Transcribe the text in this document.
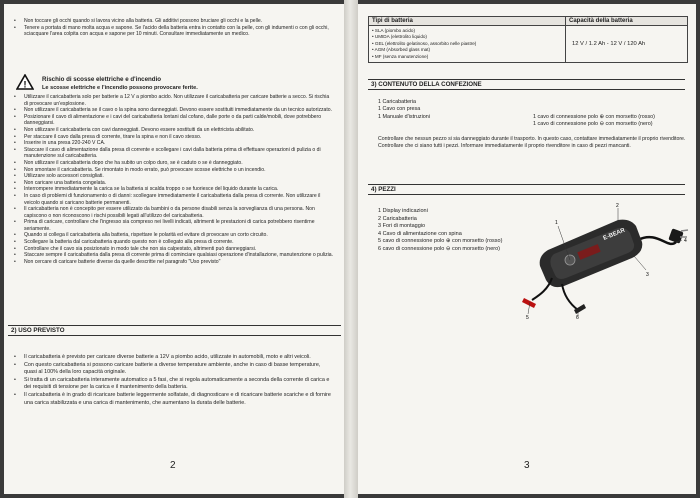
• Non toccare gli occhi quando si lavora vicino alla batteria. Gli additivi possono bruciare gli occhi e la pelle.

• Tenere a portata di mano molta acqua e sapone. Se l'acido della batteria entra in contatto con la pelle, con gli indumenti o con gli occhi, sciacquare l'area colpita con acqua e sapone per 10 minuti. Consultare immediatamente un medico.

!	Rischio di scosse elettriche e d'incendio
Le scosse elettriche e l'incendio possono provocare ferite.

• Utilizzare il caricabatteria solo per batterie a 12 V a piombo acido. Non utilizzare il caricabatteria per caricare batterie a secco. Si rischia di provocare un'esplosione.

• Non utilizzare il caricabatteria se il cavo o la spina sono danneggiati. Devono essere sostituiti immediatamente da un tecnico autorizzato.

• Posizionare il cavo di alimentazione e i cavi del caricabatteria lontani dal cofano, dalle porte o da parti calde/mobili, dove potrebbero danneggiarsi.

• Non utilizzare il caricabatteria con cavi danneggiati. Devono essere sostituiti da un elettricista abilitato.

• Per staccare il cavo dalla presa di corrente, tirare la spina e non il cavo stesso.

• Inserire in una presa 220-240 V CA.

• Staccare il cavo di alimentazione dalla presa di corrente e scollegare i cavi dalla batteria prima di effettuare operazioni di pulizia o di manutenzione sul caricabatteria.

• Non utilizzare il caricabatteria dopo che ha subito un colpo duro, se è caduto o se è danneggiato.

• Non smontare il caricabatteria. Se rimontato in modo errato, può provocare scosse elettriche o un incendio.

• Utilizzare solo accessori consigliati.

• Non caricare una batteria congelata.

• Interrompere immediatamente la carica se la batteria si scalda troppo o se fuoriesce del liquido durante la carica.

• In caso di problemi di funzionamento o di danni: scollegare immediatamente il caricabatteria dalla presa di corrente. Non utilizzare il veicolo quando si caricano batterie permanenti.

• Il caricabatteria non è concepito per essere utilizzato da bambini o da persone disabili senza la sorveglianza di una persona. Non capiscono o non riconoscono i rischi possibili legati all'utilizzo del caricabatteria.

• Prima di caricare, controllare che l'ingresso sia compreso nei livelli indicati, altrimenti le prestazioni di carica potrebbero risentirne seriamente.

• Quando si collega il caricabatteria alla batteria, rispettare le polarità ed evitare di provocare un corto circuito.

• Scollegare la batteria dal caricabatteria quando questo non è collegato alla presa di corrente.

• Controllare che il cavo sia posizionato in modo tale che non sia calpestato, altrimenti può danneggiarsi.

• Staccare sempre il caricabatteria dalla presa di corrente prima di cominciare qualsiasi operazione d'installazione, manutenzione o pulizia.

• Non cercare di caricare batterie diverse da quelle descritte nel paragrafo "Uso previsto"

2) USO PREVISTO

• Il caricabatteria è previsto per caricare diverse batterie a 12V a piombo acido, utilizzate in automobili, moto e altri veicoli.

• Con questo caricabatteria si possono caricare batterie a diverse temperature ambiente, anche in caso di basse temperature, quasi al 100% della loro capacità originale.

• Si tratta di un caricabatteria interamente automatico a 5 fasi, che si regola automaticamente a seconda della corrente di carica e dei requisiti di tensione per la carica e il mantenimento della batteria.

• Il caricabatteria è in grado di ricaricare batterie leggermente solfatate, di diagnosticare e di ricaricare batterie scariche e di fornire una carica stabilizzata e una carica di mantenimento, che aumentano la durata delle batterie.

2
Tipi di batteria	Capacità della batteria

• SLA (piombo acido)
• UMIDA (elettrolito liquido)
• GEL (elettrolito gelatinoso, assorbito nelle piastre)
• AGM (Absorbed glass mat)
• MF (senza manutenzione)	12 V / 1.2 Ah - 12 V / 120 Ah
3) CONTENUTO DELLA CONFEZIONE
1 Caricabatteria
1 Cavo con presa
1 Manuale d'istruzioni	1 cavo di connessione polo ⊕ con morsetto (rosso)
1 cavo di connessione polo ⊖ con morsetto (nero)
Controllare che nessun pezzo si sia danneggiato durante il trasporto. In questo caso, contattare immediatamente il proprio rivenditore. Controllare che ci siano tutti i pezzi. Informare immediatamente il proprio rivenditore in caso di pezzi mancanti.
4) PEZZI
1 Display indicazioni
2 Caricabatteria
3 Fori di montaggio
4 Cavo di alimentazione con spina
5 cavo di connessione polo ⊕ con morsetto (rosso)
6 cavo di connessione polo ⊖ con morsetto (nero)
E-BEAR
1
2
3
4
5	6
3
